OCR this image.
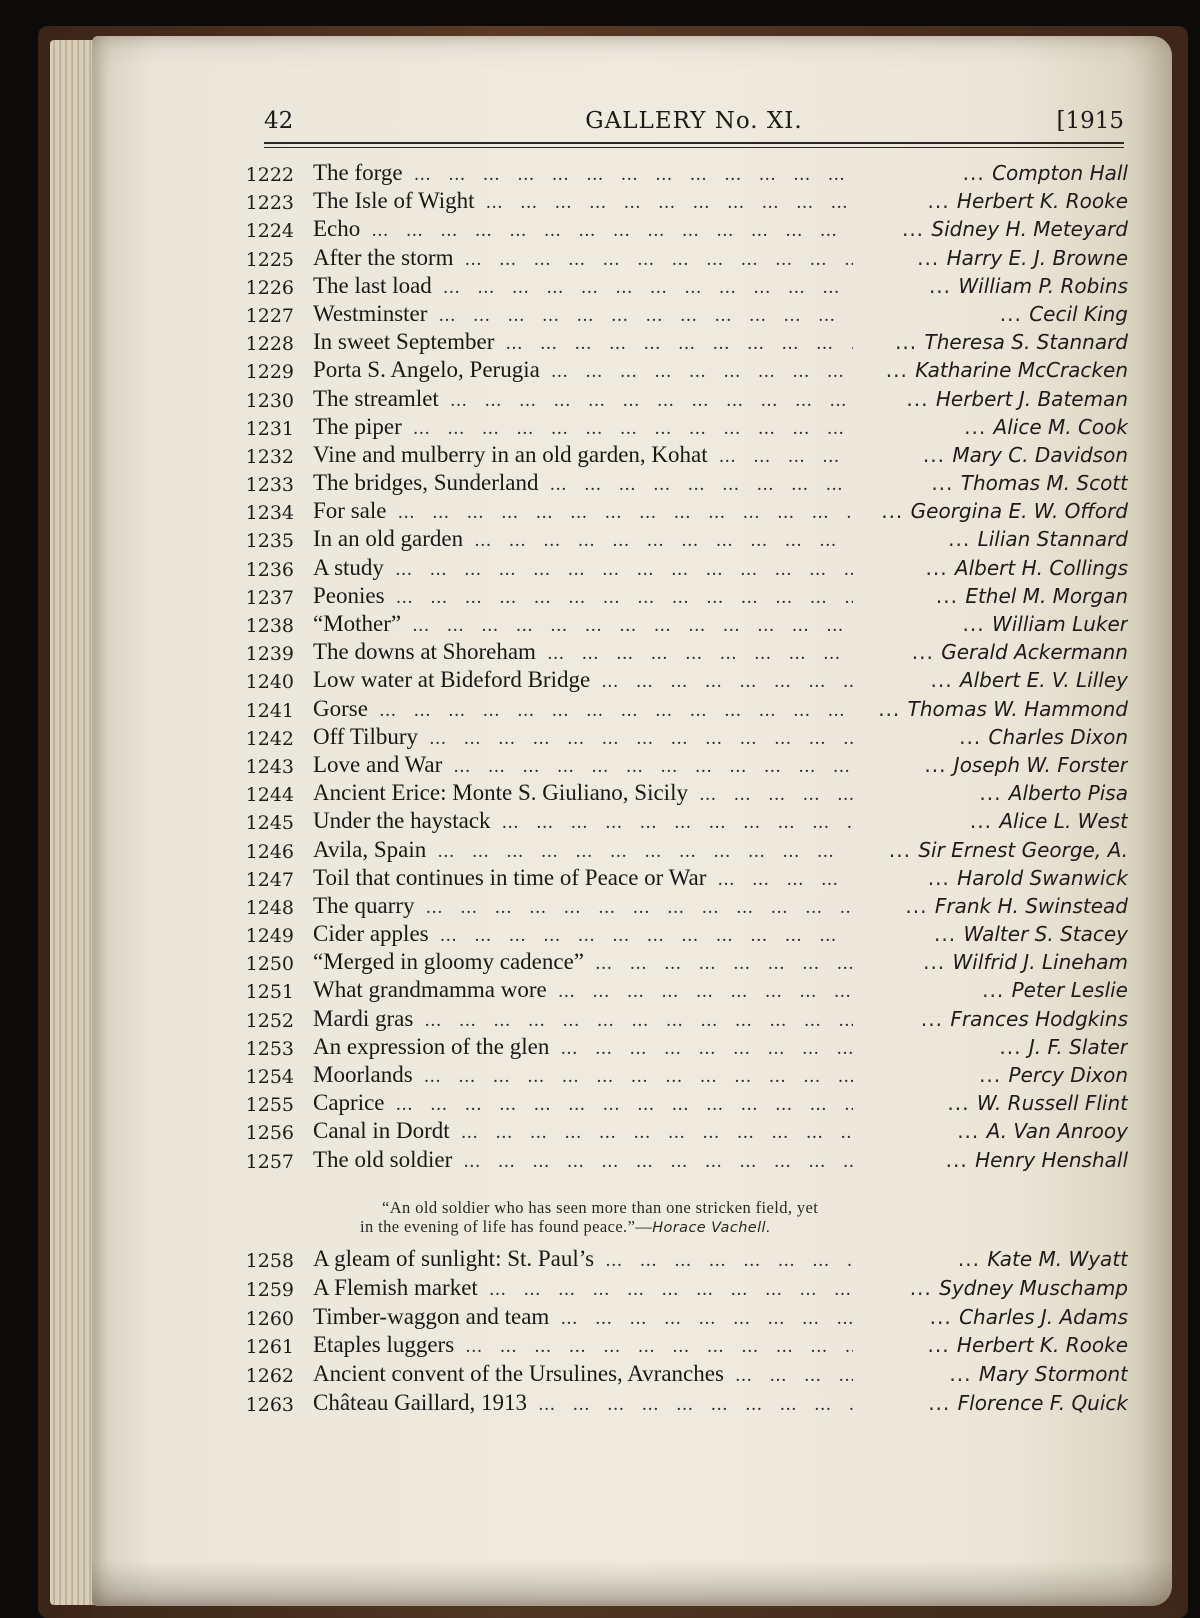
42	GALLERY No. XI.	[1915
1222 The forge ...	... Compton Hall
1223 The Isle of Wight ...	... Herbert K. Rooke
1224 Echo ...	... Sidney H. Meteyard
1225 After the storm ...	... Harry E. J. Browne
1226 The last load ...	... William P. Robins
1227 Westminster ...	... Cecil King
1228 In sweet September ...	... Theresa S. Stannard
1229 Porta S. Angelo, Perugia ...	... Katharine McCracken
1230 The streamlet ...	... Herbert J. Bateman
1231 The piper ...	... Alice M. Cook
1232 Vine and mulberry in an old garden, Kohat ...	... Mary C. Davidson
1233 The bridges, Sunderland ...	... Thomas M. Scott
1234 For sale ...	... Georgina E. W. Offord
1235 In an old garden ...	... Lilian Stannard
1236 A study ...	... Albert H. Collings
1237 Peonies ...	... Ethel M. Morgan
1238 “Mother” ...	... William Luker
1239 The downs at Shoreham ...	... Gerald Ackermann
1240 Low water at Bideford Bridge ...	... Albert E. V. Lilley
1241 Gorse ...	... Thomas W. Hammond
1242 Off Tilbury ...	... Charles Dixon
1243 Love and War ...	... Joseph W. Forster
1244 Ancient Erice: Monte S. Giuliano, Sicily ...	... Alberto Pisa
1245 Under the haystack ...	... Alice L. West
1246 Avila, Spain ...	... Sir Ernest George, A.
1247 Toil that continues in time of Peace or War ...	... Harold Swanwick
1248 The quarry ...	... Frank H. Swinstead
1249 Cider apples ...	... Walter S. Stacey
1250 “Merged in gloomy cadence” ...	... Wilfrid J. Lineham
1251 What grandmamma wore ...	... Peter Leslie
1252 Mardi gras ...	... Frances Hodgkins
1253 An expression of the glen ...	... J. F. Slater
1254 Moorlands ...	... Percy Dixon
1255 Caprice ...	... W. Russell Flint
1256 Canal in Dordt ...	... A. Van Anrooy
1257 The old soldier ...	... Henry Henshall
“An old soldier who has seen more than one stricken field, yet
in the evening of life has found peace.”—Horace Vachell.
1258 A gleam of sunlight: St. Paul’s ...	... Kate M. Wyatt
1259 A Flemish market ...	... Sydney Muschamp
1260 Timber-waggon and team ...	... Charles J. Adams
1261 Etaples luggers ...	... Herbert K. Rooke
1262 Ancient convent of the Ursulines, Avranches ...	... Mary Stormont
1263 Château Gaillard, 1913 ...	... Florence F. Quick
